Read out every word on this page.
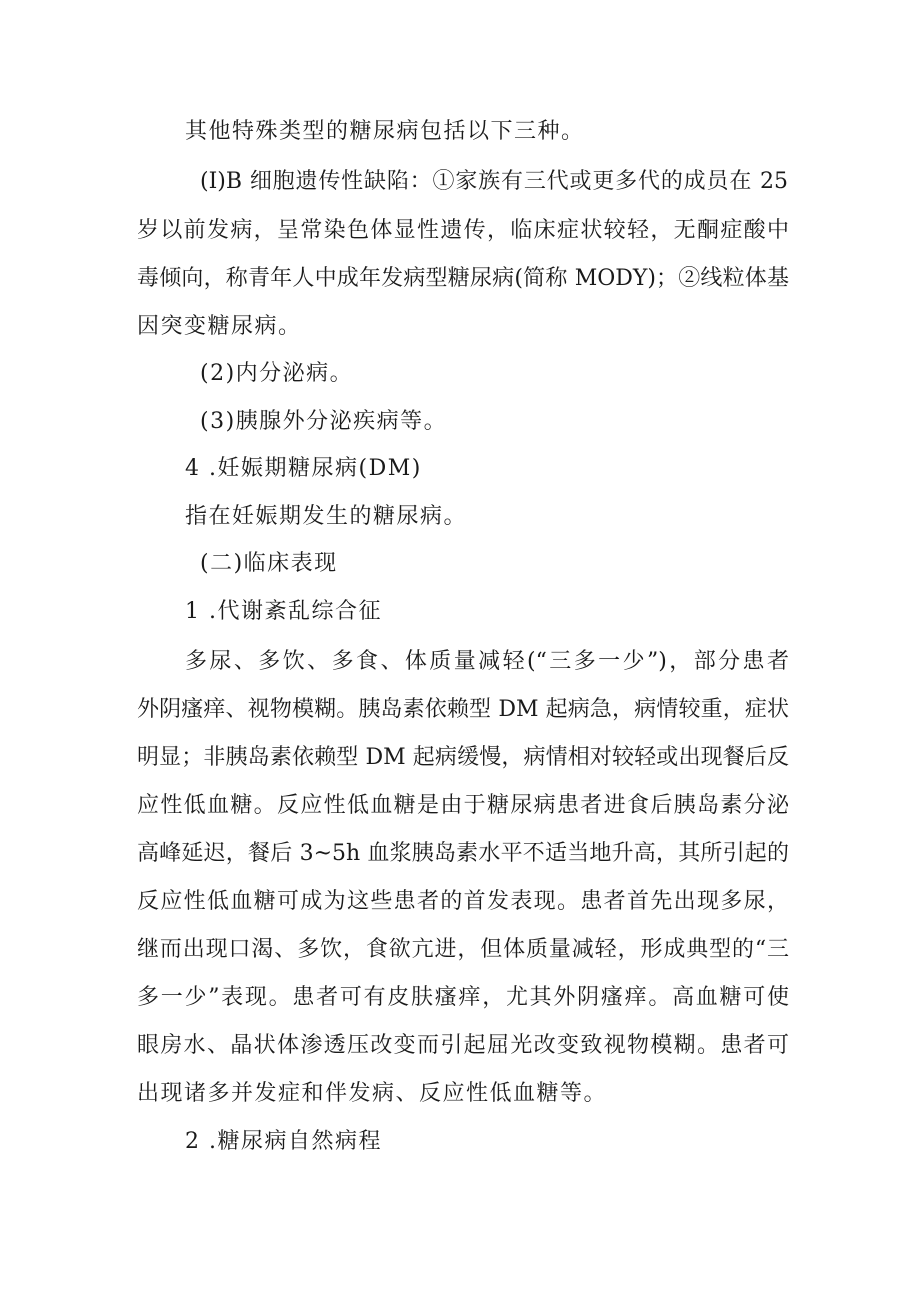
其他特殊类型的糖尿病包括以下三种。
(I)B 细胞遗传性缺陷：①家族有三代或更多代的成员在 25
岁以前发病，呈常染色体显性遗传，临床症状较轻，无酮症酸中
毒倾向，称青年人中成年发病型糖尿病(简称 MODY)；②线粒体基
因突变糖尿病。
(2)内分泌病。
(3)胰腺外分泌疾病等。
4 .妊娠期糖尿病(DM)
指在妊娠期发生的糖尿病。
(二)临床表现
1 .代谢紊乱综合征
多尿、多饮、多食、体质量减轻(“三多一少”)，部分患者
外阴瘙痒、视物模糊。胰岛素依赖型 DM 起病急，病情较重，症状
明显；非胰岛素依赖型 DM 起病缓慢，病情相对较轻或出现餐后反
应性低血糖。反应性低血糖是由于糖尿病患者进食后胰岛素分泌
高峰延迟，餐后 3~5h 血浆胰岛素水平不适当地升高，其所引起的
反应性低血糖可成为这些患者的首发表现。患者首先出现多尿，
继而出现口渴、多饮，食欲亢进，但体质量减轻，形成典型的“三
多一少”表现。患者可有皮肤瘙痒，尤其外阴瘙痒。高血糖可使
眼房水、晶状体渗透压改变而引起屈光改变致视物模糊。患者可
出现诸多并发症和伴发病、反应性低血糖等。
2 .糖尿病自然病程
